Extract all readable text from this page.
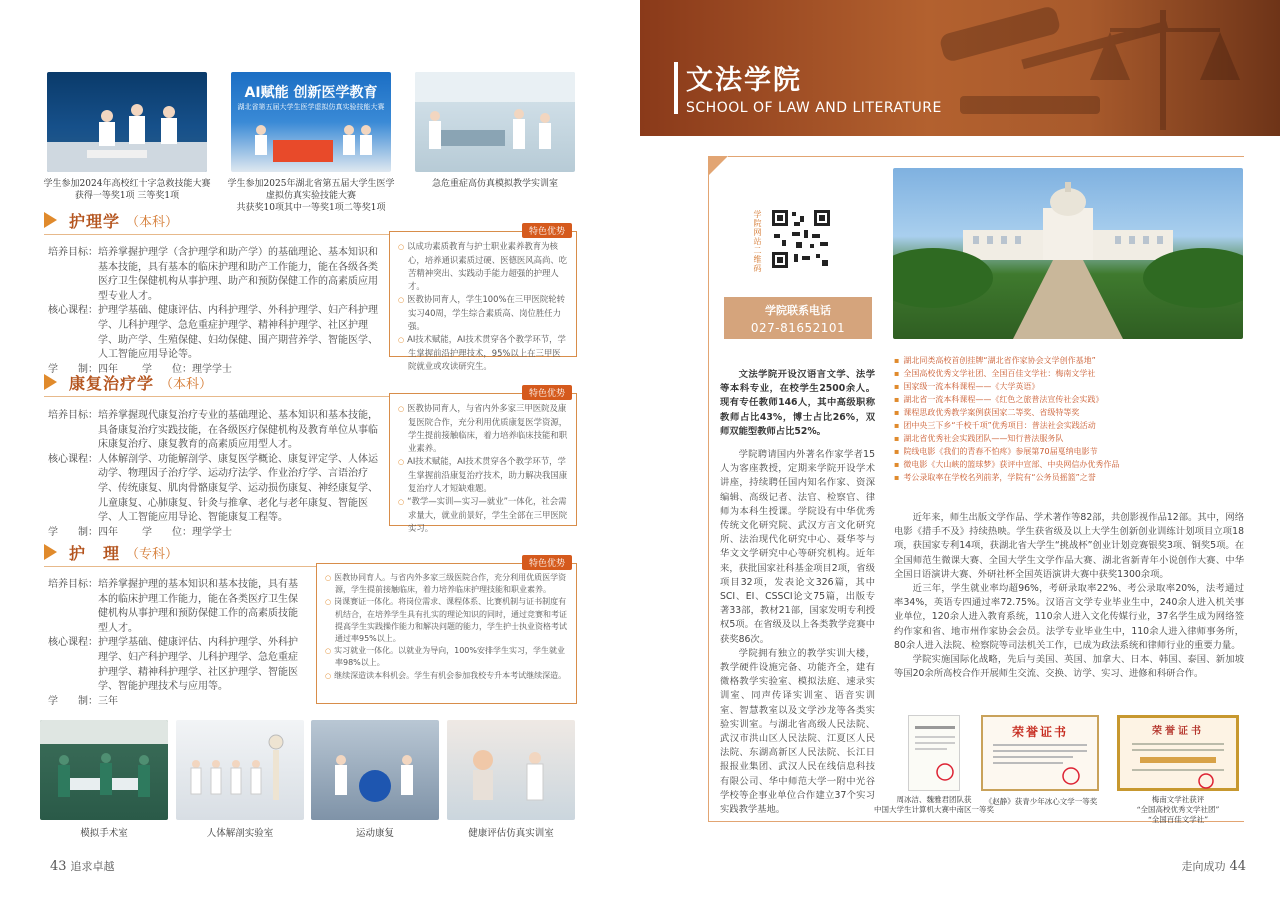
AI赋能 创新医学教育
湖北省第五届大学生医学虚拟仿真实验技能大赛
学生参加2024年高校红十字急救技能大赛
获得一等奖1项 三等奖1项
学生参加2025年湖北省第五届大学生医学
虚拟仿真实验技能大赛
共获奖10项其中一等奖1项二等奖1项
急危重症高仿真模拟教学实训室
护理学 （本科）
培养目标： 培养掌握护理学（含护理学和助产学）的基础理论、基本知识和基本技能，具有基本的临床护理和助产工作能力，能在各级各类医疗卫生保健机构从事护理、助产和预防保健工作的高素质应用型专业人才。
核心课程： 护理学基础、健康评估、内科护理学、外科护理学、妇产科护理学、儿科护理学、急危重症护理学、精神科护理学、社区护理学、助产学、生殖保健、妇幼保健、围产期营养学、智能医学、人工智能应用导论等。
学　　制： 四年	学　　位： 理学学士
特色优势

○ 以成功素质教育与护士职业素养教育为核心，培养通识素质过硬、医德医风高尚、吃苦精神突出、实践动手能力超强的护理人才。

○ 医教协同育人，学生100%在三甲医院轮转实习40周，学生综合素质高、岗位胜任力强。

○ AI技术赋能，AI技术贯穿各个教学环节，学生掌握前沿护理技术，95%以上在三甲医院就业或攻读研究生。

康复治疗学 （本科）
培养目标： 培养掌握现代康复治疗专业的基础理论、基本知识和基本技能，具备康复治疗实践技能，在各级医疗保健机构及教育单位从事临床康复治疗、康复教育的高素质应用型人才。
核心课程： 人体解剖学、功能解剖学、康复医学概论、康复评定学、人体运动学、物理因子治疗学、运动疗法学、作业治疗学、言语治疗学、传统康复、肌肉骨骼康复学、运动损伤康复、神经康复学、儿童康复、心肺康复、针灸与推拿、老化与老年康复、智能医学、人工智能应用导论、智能康复工程等。
学　　制： 四年	学　　位： 理学学士
特色优势

○ 医教协同育人，与省内外多家三甲医院及康复医院合作，充分利用优质康复医学资源，学生提前接触临床，着力培养临床技能和职业素养。

○ AI技术赋能，AI技术贯穿各个教学环节，学生掌握前沿康复治疗技术，助力解决我国康复治疗人才短缺难题。

○ “教学—实训—实习—就业”一体化，社会需求量大，就业前景好，学生全部在三甲医院实习。

护　理 （专科）
培养目标： 培养掌握护理的基本知识和基本技能，具有基本的临床护理工作能力，能在各类医疗卫生保健机构从事护理和预防保健工作的高素质技能型人才。
核心课程： 护理学基础、健康评估、内科护理学、外科护理学、妇产科护理学、儿科护理学、急危重症护理学、精神科护理学、社区护理学、智能医学、智能护理技术与应用等。
学　　制： 三年
特色优势

○ 医教协同育人。与省内外多家三级医院合作，充分利用优质医学资源，学生提前接触临床，着力培养临床护理技能和职业素养。

○ 岗课赛证一体化。将岗位需求、课程体系、比赛机制与证书制度有机结合，在培养学生具有扎实的理论知识的同时，通过竞赛和考证提高学生实践操作能力和解决问题的能力，学生护士执业资格考试通过率95%以上。

○ 实习就业一体化。以就业为导向，100%安排学生实习，学生就业率98%以上。

○ 继续深造读本科机会。学生有机会参加我校专升本考试继续深造。

模拟手术室	人体解剖实验室	运动康复	健康评估仿真实训室
43 追求卓越
文法学院
SCHOOL OF LAW AND LITERATURE
学院网站二维码
学院联系电话
027-81652101

文法学院开设汉语言文学、法学等本科专业，在校学生2500余人。现有专任教师146人，其中高级职称教师占比43%，博士占比26%，双师双能型教师占比52%。

学院聘请国内外著名作家学者15人为客座教授，定期来学院开设学术讲座，持续聘任国内知名作家、资深编辑、高级记者、法官、检察官、律师为本科生授课。学院设有中华优秀传统文化研究院、武汉方言文化研究所、法治现代化研究中心、聂华苓与华文文学研究中心等研究机构。近年来，获批国家社科基金项目2项，省级项目32项，发表论文326篇，其中SCI、EI、CSSCI论文75篇，出版专著33部，教材21部，国家发明专利授权5项。在省级及以上各类教学竞赛中获奖86次。

学院拥有独立的教学实训大楼，教学硬件设施完备、功能齐全，建有微格教学实验室、模拟法庭、速录实训室、同声传译实训室、语音实训室、智慧教室以及文学沙龙等各类实验实训室。与湖北省高级人民法院、武汉市洪山区人民法院、江夏区人民法院、东湖高新区人民法院、长江日报报业集团、武汉人民在线信息科技有限公司、华中师范大学一附中光谷学校等企事业单位合作建立37个实习实践教学基地。

▪ 湖北同类高校首创挂牌“湖北省作家协会文学创作基地”

▪ 全国高校优秀文学社团、全国百佳文学社：梅南文学社

▪ 国家级一流本科课程——《大学英语》

▪ 湖北省一流本科课程——《红色之旅普法宣传社会实践》

▪ 课程思政优秀教学案例获国家二等奖、省级特等奖

▪ 团中央三下乡“千校千项”优秀项目：普法社会实践活动

▪ 湖北省优秀社会实践团队——知行普法服务队

▪ 院线电影《我们的青春不怕疼》参展第70届戛纳电影节

▪ 微电影《大山峡的篮球梦》获评中宣部、中央网信办优秀作品

▪ 考公录取率在学校名列前茅，学院有“公务员摇篮”之誉

近年来，师生出版文学作品、学术著作等82部，共创影视作品12部。其中，网络电影《措手不及》持续热映。学生获省级及以上大学生创新创业训练计划项目立项18项，获国家专利14项，获湖北省大学生“挑战杯”创业计划竞赛银奖3项、铜奖5项。在全国师范生微课大赛、全国大学生文学作品大赛、湖北省新青年小说创作大赛、中华全国日语演讲大赛、外研社杯全国英语演讲大赛中获奖1300余项。

近三年，学生就业率均超96%，考研录取率22%、考公录取率20%，法考通过率34%，英语专四通过率72.75%。汉语言文学专业毕业生中，240余人进入机关事业单位，120余人进入教育系统，110余人进入文化传媒行业，37名学生成为网络签约作家和省、地市州作家协会会员。法学专业毕业生中，110余人进入律师事务所，80余人进入法院、检察院等司法机关工作，已成为政法系统和律师行业的重要力量。

学院实施国际化战略，先后与美国、英国、加拿大、日本、韩国、泰国、新加坡等国20余所高校合作开展师生交流、交换、访学、实习、进修和科研合作。

荣誉证书	荣誉证书
周冰洁、魏雅君团队获
中国大学生计算机大赛中南区一等奖
《赵静》获青少年冰心文学一等奖	梅南文学社获评
“全国高校优秀文学社团”
“全国百佳文学社”
走向成功 44
